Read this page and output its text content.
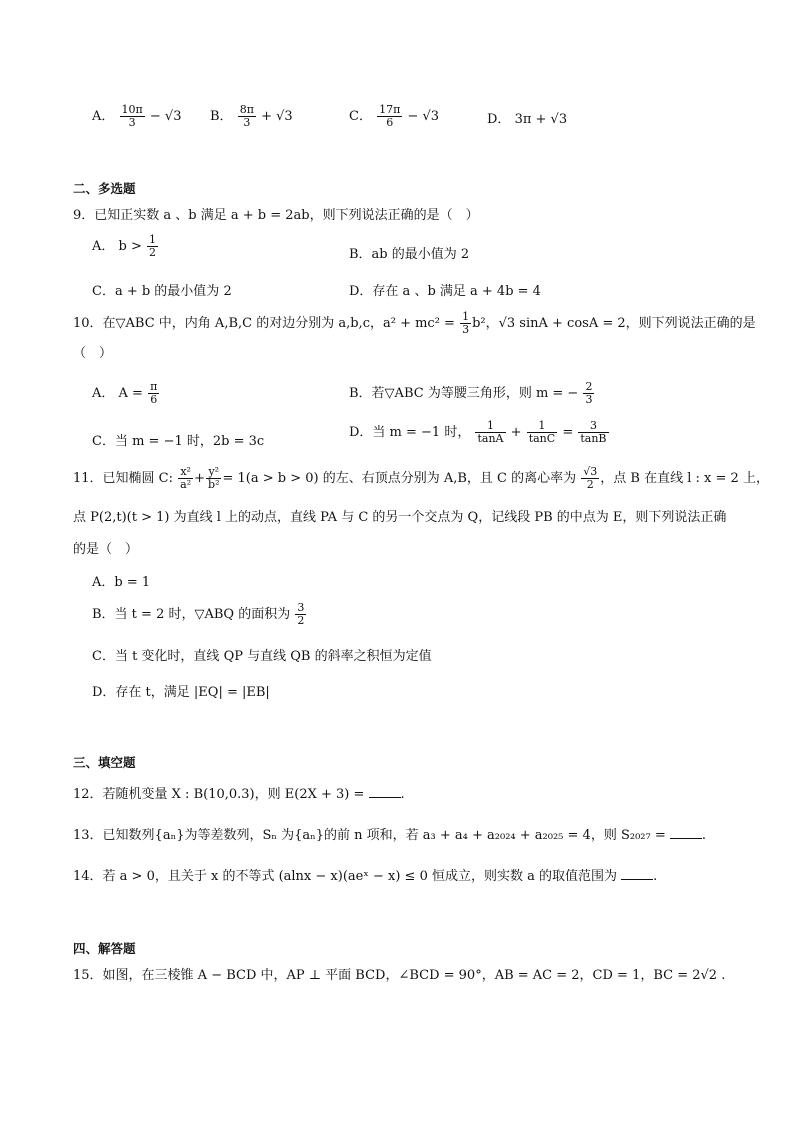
A． $\frac{10\pi}{3} - √3$ B． $\frac{8\pi}{3} + √3$	C． $\frac{17\pi}{6} - √3$	D． 3π + √3
二、多选题
9．已知正实数 a 、b 满足 a + b = 2ab，则下列说法正确的是（　）
A． $b > \frac{1}{2}$	B．ab 的最小值为 2
C．a + b 的最小值为 2	D．存在 a 、b 满足 a + 4b = 4
10．在▽ABC 中，内角 A,B,C 的对边分别为 a,b,c，$a^2 + mc^2 = \frac{1}{3} b^2$，√3 sinA + cosA = 2，则下列说法正确的是
（　）
A． $A = \frac{\pi}{6}$	B．若▽ABC 为等腰三角形，则 m = − $\frac{2}{3}$
C．当 m = −1 时，2b = 3c
D．当 m = −1 时， $\frac{1}{\tan A} + \frac{1}{\tan C} = \frac{3}{\tan B}$
11．已知椭圆 C: $\frac{\text{x²}}{\text{a²}} + \frac{\text{y²}}{\text{b²}} = 1(a > b > 0)$ 的左、右顶点分别为 A,B，且 C 的离心率为 $\frac{√3}{2}$ ，点 B 在直线 l : x = 2 上，
点 P(2,t)(t > 1) 为直线 l 上的动点，直线 PA 与 C 的另一个交点为 Q，记线段 PB 的中点为 E，则下列说法正确
的是（　）
A．b = 1
B．当 t = 2 时，▽ABQ 的面积为 $\frac{3}{2}$
C．当 t 变化时，直线 QP 与直线 QB 的斜率之积恒为定值
D．存在 t，满足 |EQ| = |EB|
三、填空题
12．若随机变量 X : B(10,0.3)，则 E(2X + 3) =	.
13．已知数列{aₙ}为等差数列，Sₙ 为{aₙ}的前 n 项和，若 a₃ + a₄ + a₂₀₂₄ + a₂₀₂₅ = 4，则 S₂₀₂₇ =	.
14．若 a > 0，且关于 x 的不等式 (alnx − x)(aeˣ − x) ≤ 0 恒成立，则实数 a 的取值范围为	.
四、解答题
15．如图，在三棱锥 A − BCD 中，AP ⊥ 平面 BCD，∠BCD = 90°，AB = AC = 2，CD = 1，BC = 2√2 .
